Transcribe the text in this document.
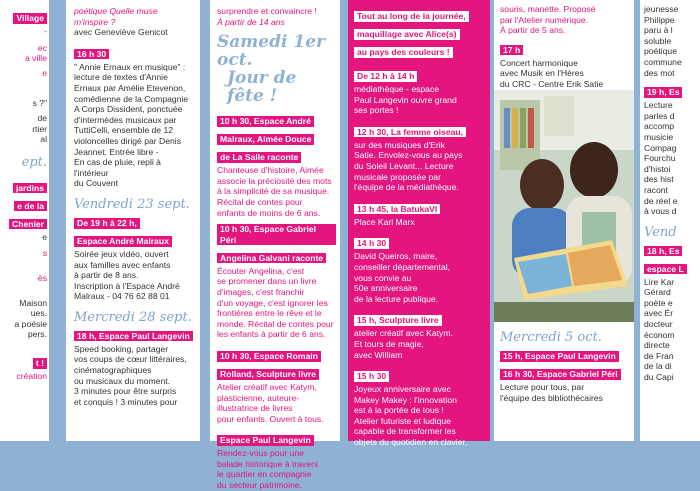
Village
-
ec
a ville
e
s ?"
de
rtier
al
ept.
jardins e de la Chenier
e
s
ès
Maison
ues.
a poésie
pers.
t !
création
poétique Quelle muse
m'inspire ?
avec Geneviève Genicot
16 h 30
" Annie Ernaux en musique" :
lecture de textes d'Annie
Ernaux par Amélie Etevenon,
comédienne de la Compagnie
A Corps Dissident, ponctuée
d'intermèdes musicaux par
TuttiCelli, ensemble de 12
violoncelles dirigé par Denis
Jeannet. Entrée libre -
En cas de pluie, repli à l'intérieur
du Couvent
Vendredi 23 sept.
De 19 h à 22 h,
Espace André Malraux
Soirée jeux vidéo, ouvert
aux familles avec enfants
à partir de 8 ans.
Inscription à l'Espace André
Malraux - 04 76 62 88 01
Mercredi 28 sept.
18 h, Espace Paul Langevin
Speed booking, partager
vos coups de cœur littéraires,
cinématographiques
ou musicaux du moment.
3 minutes pour être surpris
et conquis ! 3 minutes pour
surprendre et convaincre !
À partir de 14 ans
Samedi 1er oct.
Jour de fête !
10 h 30, Espace André
Malraux, Aimée Douce
de La Salle raconte
Chanteuse d'histoire, Aimée
associe la préciosité des mots
à la simplicité de sa musique.
Récital de contes pour
enfants de moins de 6 ans.
10 h 30, Espace Gabriel Péri
Angelina Galvani raconte
Écouter Angelina, c'est
se promener dans un livre
d'images, c'est franchir
d'un voyage, c'est ignorer les
frontières entre le rêve et le
monde. Récital de contes pour
les enfants à partir de 6 ans.
10 h 30, Espace Romain
Rolland, Sculpture livre
Atelier créatif avec Katym,
plasticienne, auteure-
illustratrice de livres
pour enfants. Ouvert à tous.
Espace Paul Langevin
Rendez-vous pour une
balade historique à travers
le quartier en compagnie
du secteur patrimoine.
Tout au long de la journée,
maquillage avec Alice(s)
au pays des couleurs !
De 12 h à 14 h
médiathèque - espace
Paul Langevin ouvre grand
ses portes !
12 h 30, La femme oiseau,
sur des musiques d'Erik
Satie. Envolez-vous au pays
du Soleil Levant... Lecture
musicale proposée par
l'équipe de la médiathèque.
13 h 45, la BatukaVI
Place Karl Marx
14 h 30
David Queiros, maire,
conseiller départemental,
vous convie au
50e anniversaire
de la lecture publique.
15 h, Sculpture livre
atelier créatif avec Katym.
Et tours de magie,
avec William
15 h 30
Joyeux anniversaire avec
Makey Makey : l'innovation
est à la portée de tous !
Atelier futuriste et ludique
capable de transformer les
objets du quotidien en clavier,
souris, manette. Proposé
par l'Atelier numérique.
À partir de 5 ans.
17 h
Concert harmonique
avec Musik en l'Hères
du CRC - Centre Erik Satie
Mercredi 5 oct.
15 h, Espace Paul Langevin
16 h 30, Espace Gabriel Péri
Lecture pour tous, par
l'équipe des bibliothécaires
jeunesse
Philippe
paru à l
soluble
poétique
commune
des mot
19 h, Es
Lecture
parles d
accomp
musicie
Compag
Fourchu
d'histoi
des hist
racont
de réel e
à vous d
Vend
18 h, Es
espace L
Lire Kar
Gérard
poète e
avec Ér
docteur
économ
directe
de Fran
de la di
du Capi
